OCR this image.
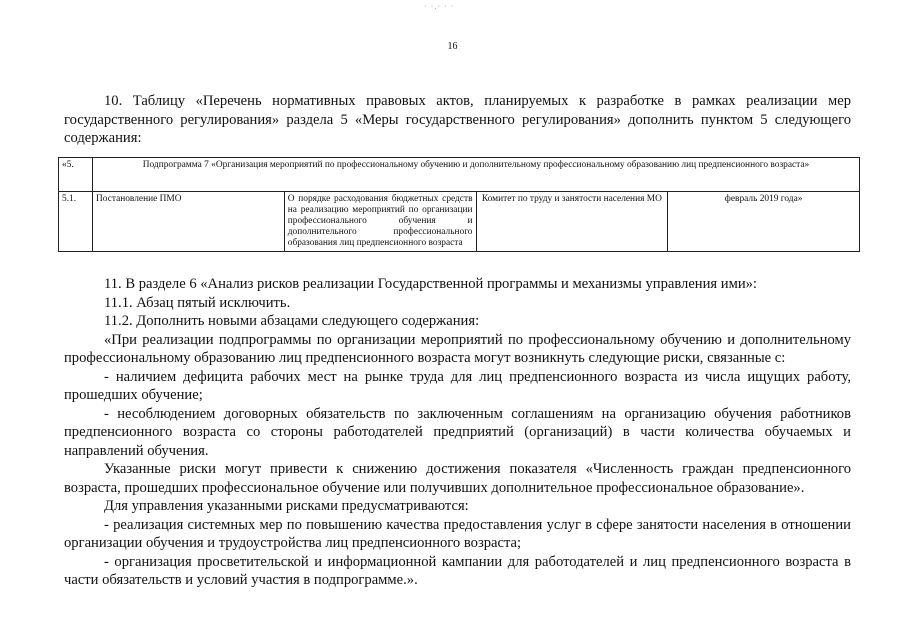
· ·.· · ·
16

10. Таблицу «Перечень нормативных правовых актов, планируемых к разработке в рамках реализации мер государственного регулирования» раздела 5 «Меры государственного регулирования» дополнить пунктом 5 следующего содержания:

«5.	Подпрограмма 7 «Организация мероприятий по профессиональному обучению и дополнительному профессиональному образованию лиц предпенсионного возраста»			
5.1.	Постановление ПМО	О порядке расходования бюджетных средств на реализацию мероприятий по организации профессионального обучения и дополнительного профессионального образования лиц предпенсионного возраста	Комитет по труду и занятости населения МО	февраль 2019 года»

11. В разделе 6 «Анализ рисков реализации Государственной программы и механизмы управления ими»:

11.1. Абзац пятый исключить.

11.2. Дополнить новыми абзацами следующего содержания:

«При реализации подпрограммы по организации мероприятий по профессиональному обучению и дополнительному профессиональному образованию лиц предпенсионного возраста могут возникнуть следующие риски, связанные с:

- наличием дефицита рабочих мест на рынке труда для лиц предпенсионного возраста из числа ищущих работу, прошедших обучение;

- несоблюдением договорных обязательств по заключенным соглашениям на организацию обучения работников предпенсионного возраста со стороны работодателей предприятий (организаций) в части количества обучаемых и направлений обучения.

Указанные риски могут привести к снижению достижения показателя «Численность граждан предпенсионного возраста, прошедших профессиональное обучение или получивших дополнительное профессиональное образование».

Для управления указанными рисками предусматриваются:

- реализация системных мер по повышению качества предоставления услуг в сфере занятости населения в отношении организации обучения и трудоустройства лиц предпенсионного возраста;

- организация просветительской и информационной кампании для работодателей и лиц предпенсионного возраста в части обязательств и условий участия в подпрограмме.».
